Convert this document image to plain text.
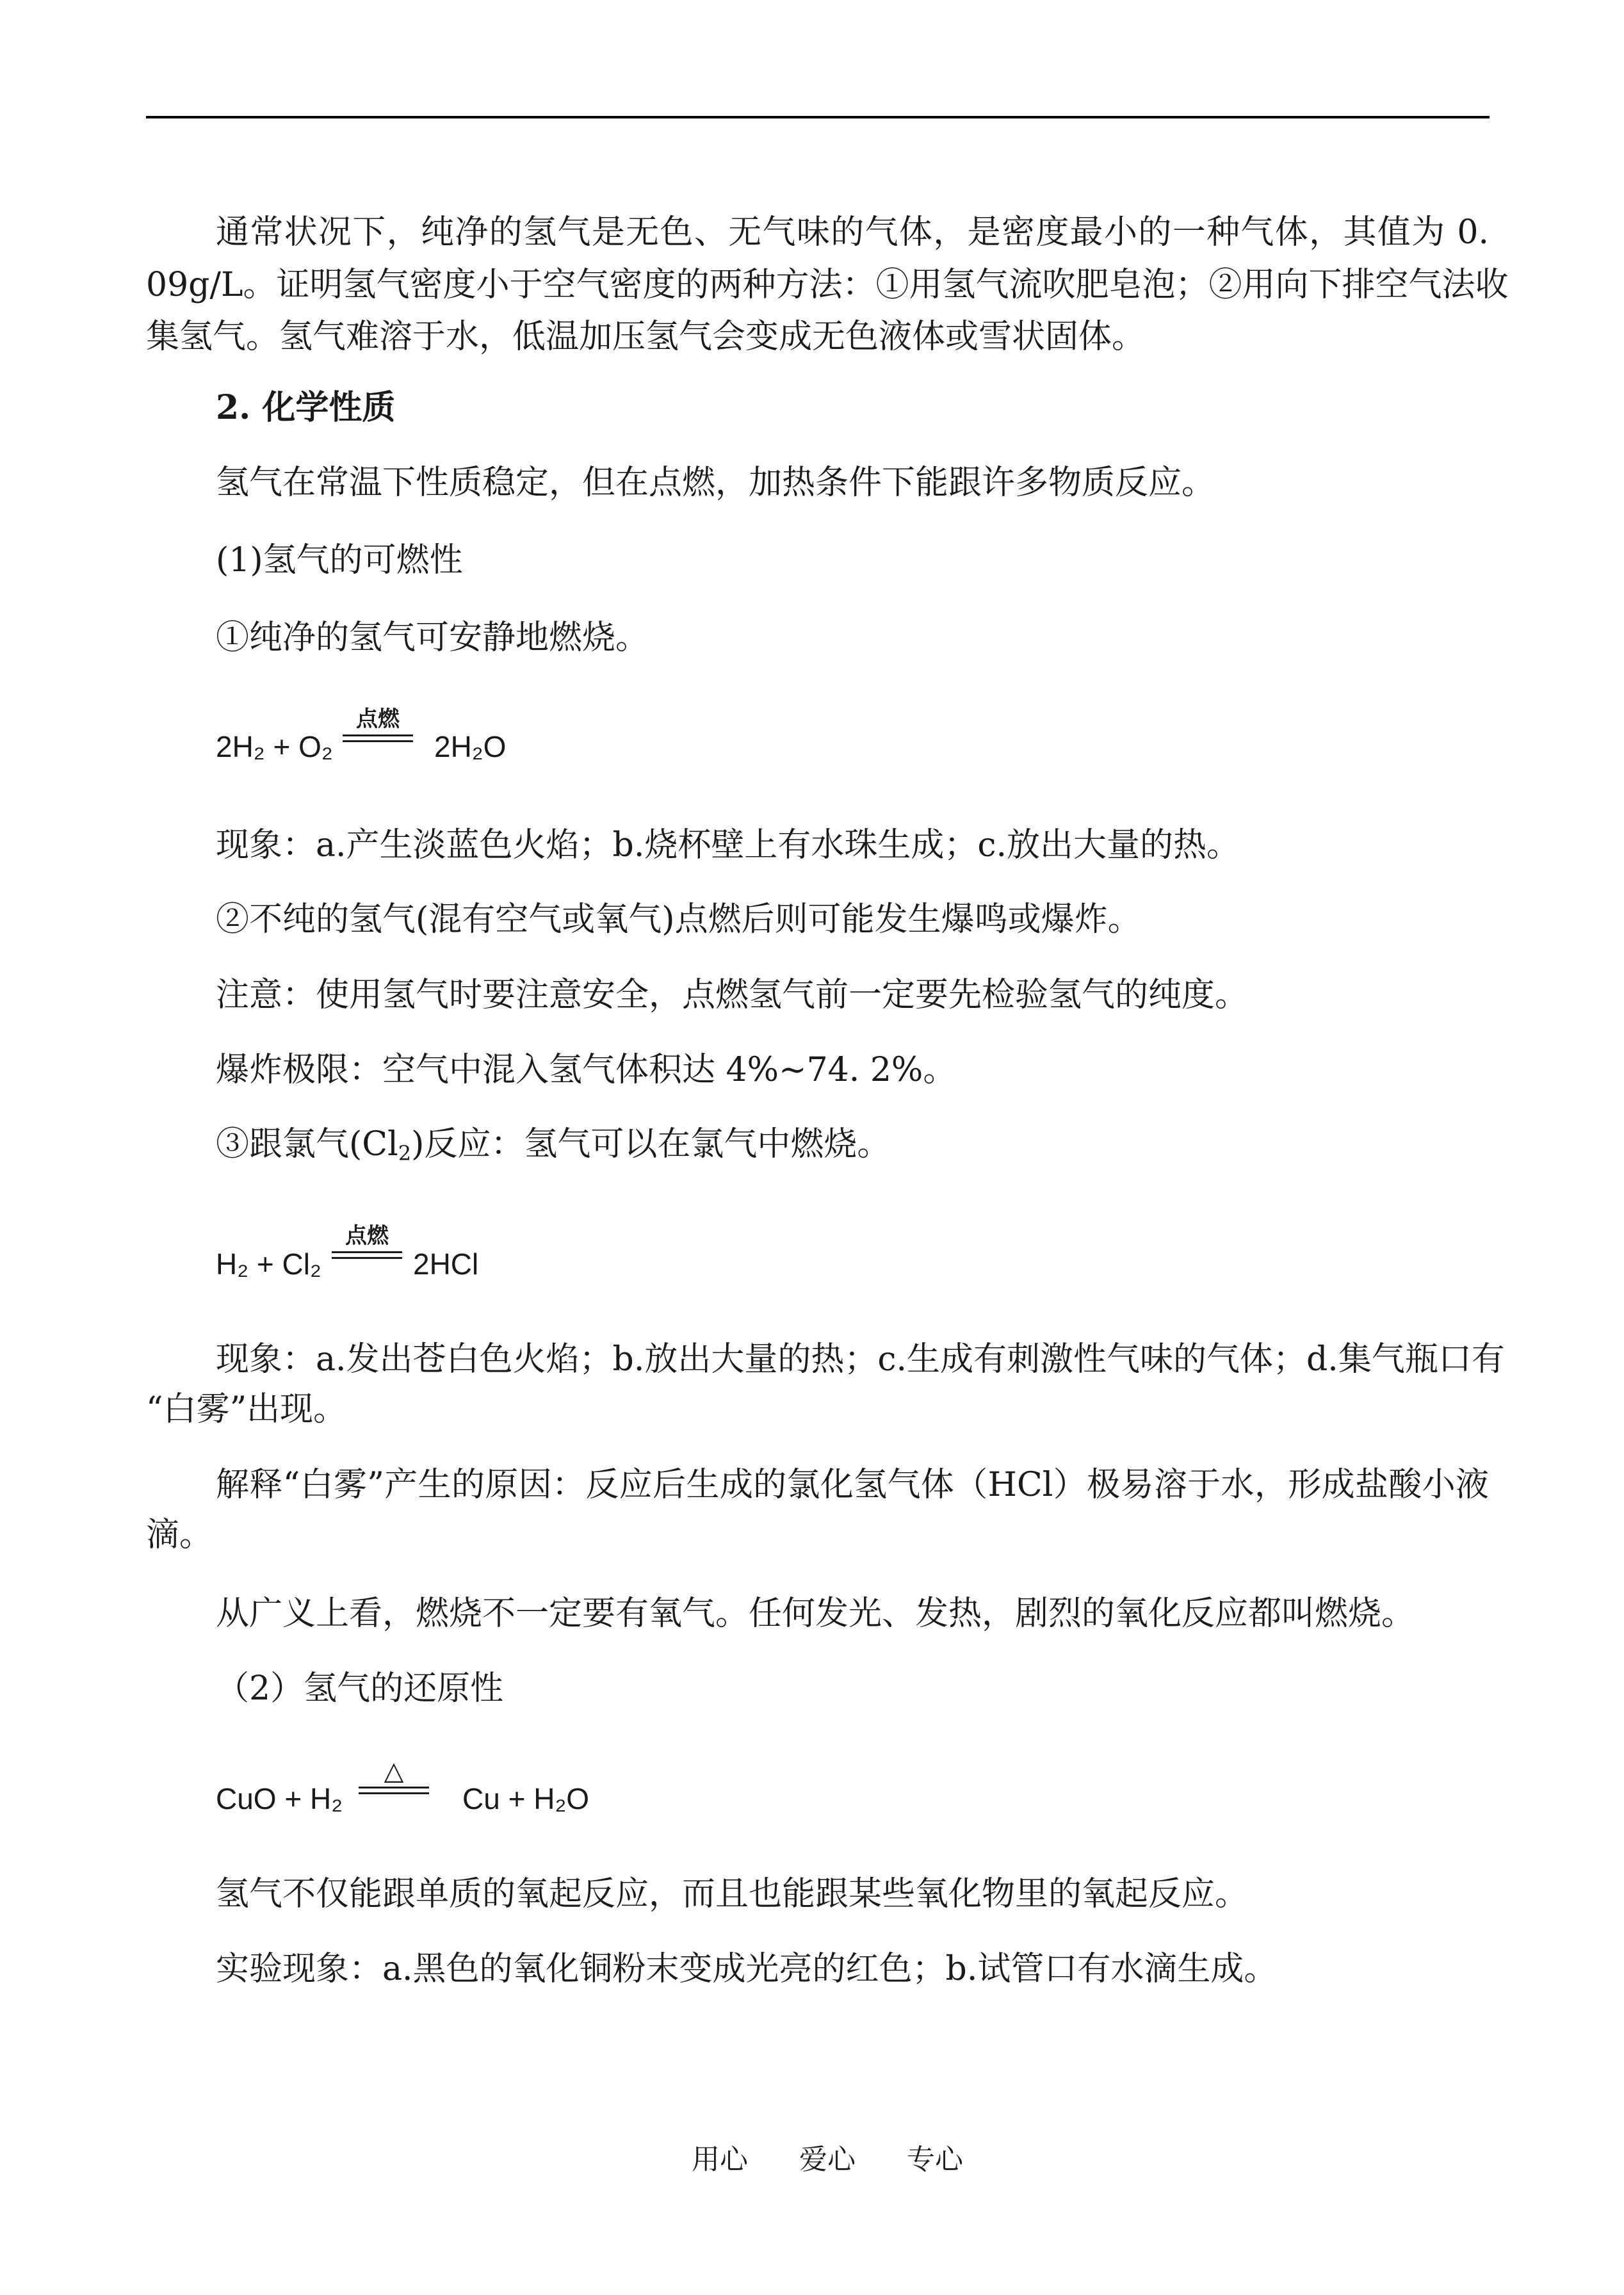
通常状况下，纯净的氢气是无色、无气味的气体，是密度最小的一种气体，其值为 0.
09g/L。证明氢气密度小于空气密度的两种方法：①用氢气流吹肥皂泡；②用向下排空气法收
集氢气。氢气难溶于水，低温加压氢气会变成无色液体或雪状固体。
2. 化学性质
氢气在常温下性质稳定，但在点燃，加热条件下能跟许多物质反应。
(1)氢气的可燃性
①纯净的氢气可安静地燃烧。
2H₂ + O₂
点燃
2H₂O
现象：a.产生淡蓝色火焰；b.烧杯壁上有水珠生成；c.放出大量的热。
②不纯的氢气(混有空气或氧气)点燃后则可能发生爆鸣或爆炸。
注意：使用氢气时要注意安全，点燃氢气前一定要先检验氢气的纯度。
爆炸极限：空气中混入氢气体积达 4%~74. 2%。
③跟氯气(Cl2)反应：氢气可以在氯气中燃烧。
H₂ + Cl₂
点燃
2HCl
现象：a.发出苍白色火焰；b.放出大量的热；c.生成有刺激性气味的气体；d.集气瓶口有
“白雾”出现。
解释“白雾”产生的原因：反应后生成的氯化氢气体（HCl）极易溶于水，形成盐酸小液
滴。
从广义上看，燃烧不一定要有氧气。任何发光、发热，剧烈的氧化反应都叫燃烧。
（2）氢气的还原性
CuO + H₂
△
Cu + H₂O
氢气不仅能跟单质的氧起反应，而且也能跟某些氧化物里的氧起反应。
实验现象：a.黑色的氧化铜粉末变成光亮的红色；b.试管口有水滴生成。
用心 爱心 专心
